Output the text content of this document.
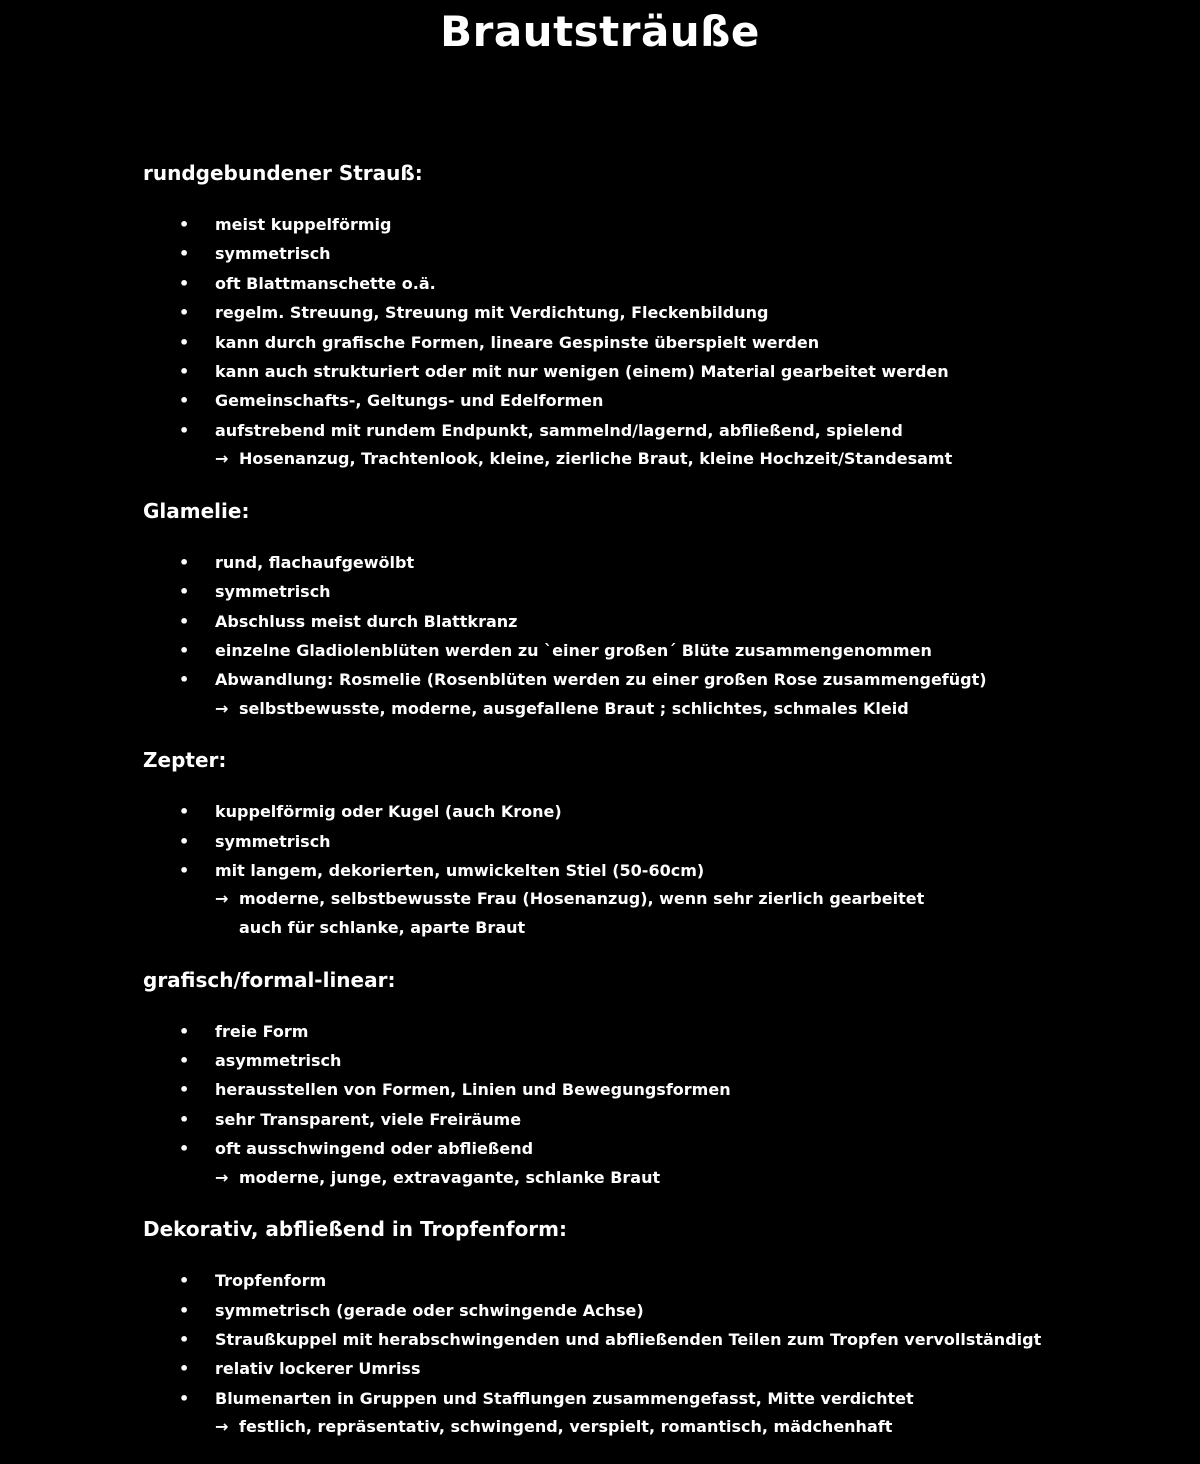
Brautsträuße
rundgebundener Strauß:
• meist kuppelförmig
• symmetrisch
• oft Blattmanschette o.ä.
• regelm. Streuung, Streuung mit Verdichtung, Fleckenbildung
• kann durch grafische Formen, lineare Gespinste überspielt werden
• kann auch strukturiert oder mit nur wenigen (einem) Material gearbeitet werden
• Gemeinschafts-, Geltungs- und Edelformen
• aufstrebend mit rundem Endpunkt, sammelnd/lagernd, abfließend, spielend
→ Hosenanzug, Trachtenlook, kleine, zierliche Braut, kleine Hochzeit/Standesamt
Glamelie:
• rund, flachaufgewölbt
• symmetrisch
• Abschluss meist durch Blattkranz
• einzelne Gladiolenblüten werden zu `einer großen´ Blüte zusammengenommen
• Abwandlung: Rosmelie (Rosenblüten werden zu einer großen Rose zusammengefügt)
→ selbstbewusste, moderne, ausgefallene Braut ; schlichtes, schmales Kleid
Zepter:
• kuppelförmig oder Kugel (auch Krone)
• symmetrisch
• mit langem, dekorierten, umwickelten Stiel (50-60cm)
→ moderne, selbstbewusste Frau (Hosenanzug), wenn sehr zierlich gearbeitet
auch für schlanke, aparte Braut
grafisch/formal-linear:
• freie Form
• asymmetrisch
• herausstellen von Formen, Linien und Bewegungsformen
• sehr Transparent, viele Freiräume
• oft ausschwingend oder abfließend
→ moderne, junge, extravagante, schlanke Braut
Dekorativ, abfließend in Tropfenform:
• Tropfenform
• symmetrisch (gerade oder schwingende Achse)
• Straußkuppel mit herabschwingenden und abfließenden Teilen zum Tropfen vervollständigt
• relativ lockerer Umriss
• Blumenarten in Gruppen und Stafflungen zusammengefasst, Mitte verdichtet
→ festlich, repräsentativ, schwingend, verspielt, romantisch, mädchenhaft
